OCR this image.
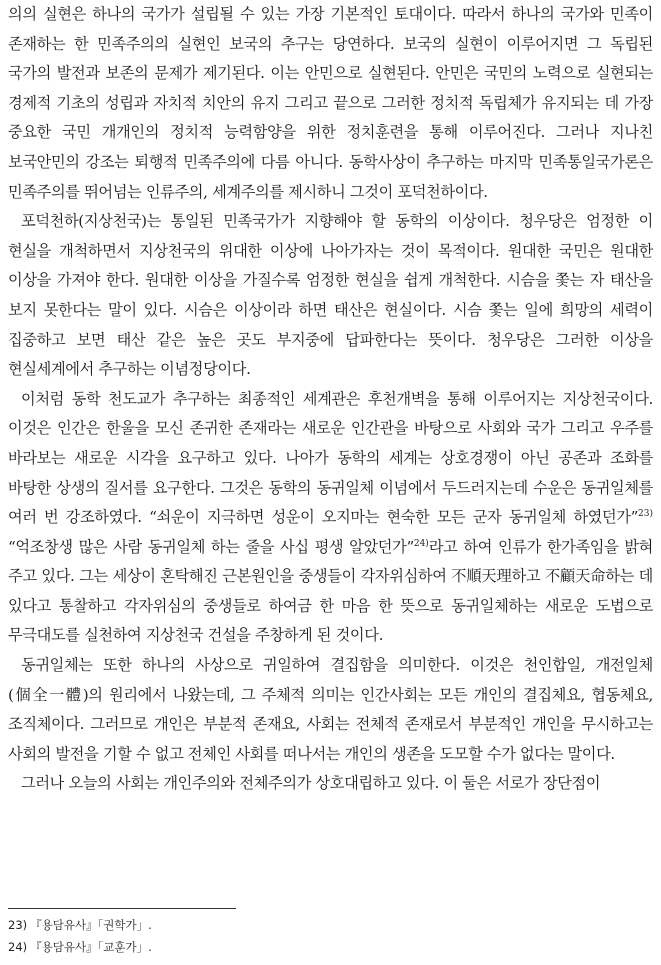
의의 실현은 하나의 국가가 설립될 수 있는 가장 기본적인 토대이다. 따라서 하나의 국가와 민족이 존재하는 한 민족주의의 실현인 보국의 추구는 당연하다. 보국의 실현이 이루어지면 그 독립된 국가의 발전과 보존의 문제가 제기된다. 이는 안민으로 실현된다. 안민은 국민의 노력으로 실현되는 경제적 기초의 성립과 자치적 치안의 유지 그리고 끝으로 그러한 정치적 독립체가 유지되는 데 가장 중요한 국민 개개인의 정치적 능력함양을 위한 정치훈련을 통해 이루어진다. 그러나 지나친 보국안민의 강조는 퇴행적 민족주의에 다름 아니다. 동학사상이 추구하는 마지막 민족통일국가론은 민족주의를 뛰어넘는 인류주의, 세계주의를 제시하니 그것이 포덕천하이다.

포덕천하(지상천국)는 통일된 민족국가가 지향해야 할 동학의 이상이다. 청우당은 엄정한 이 현실을 개척하면서 지상천국의 위대한 이상에 나아가자는 것이 목적이다. 원대한 국민은 원대한 이상을 가져야 한다. 원대한 이상을 가질수록 엄정한 현실을 쉽게 개척한다. 시슴을 쫓는 자 태산을 보지 못한다는 말이 있다. 시슴은 이상이라 하면 태산은 현실이다. 시슴 쫓는 일에 희망의 세력이 집중하고 보면 태산 같은 높은 곳도 부지중에 답파한다는 뜻이다. 청우당은 그러한 이상을 현실세계에서 추구하는 이념정당이다.

이처럼 동학 천도교가 추구하는 최종적인 세계관은 후천개벽을 통해 이루어지는 지상천국이다. 이것은 인간은 한울을 모신 존귀한 존재라는 새로운 인간관을 바탕으로 사회와 국가 그리고 우주를 바라보는 새로운 시각을 요구하고 있다. 나아가 동학의 세계는 상호경쟁이 아닌 공존과 조화를 바탕한 상생의 질서를 요구한다. 그것은 동학의 동귀일체 이념에서 두드러지는데 수운은 동귀일체를 여러 번 강조하였다. “쇠운이 지극하면 성운이 오지마는 현숙한 모든 군자 동귀일체 하였던가”$^{23)}$ “억조창생 많은 사람 동귀일체 하는 줄을 사십 평생 알았던가”$^{24)}$라고 하여 인류가 한가족임을 밝혀 주고 있다. 그는 세상이 혼탁해진 근본원인을 중생들이 각자위심하여 不順天理하고 不顧天命하는 데 있다고 통찰하고 각자위심의 중생들로 하여금 한 마음 한 뜻으로 동귀일체하는 새로운 도법으로 무극대도를 실천하여 지상천국 건설을 주창하게 된 것이다.

동귀일체는 또한 하나의 사상으로 귀일하여 결집함을 의미한다. 이것은 천인합일, 개전일체(個全一體)의 원리에서 나왔는데, 그 주체적 의미는 인간사회는 모든 개인의 결집체요, 협동체요, 조직체이다. 그러므로 개인은 부분적 존재요, 사회는 전체적 존재로서 부분적인 개인을 무시하고는 사회의 발전을 기할 수 없고 전체인 사회를 떠나서는 개인의 생존을 도모할 수가 없다는 말이다.

그러나 오늘의 사회는 개인주의와 전체주의가 상호대립하고 있다. 이 둘은 서로가 장단점이

23) 『용담유사』「권학가」.

24) 『용담유사』「교훈가」.
